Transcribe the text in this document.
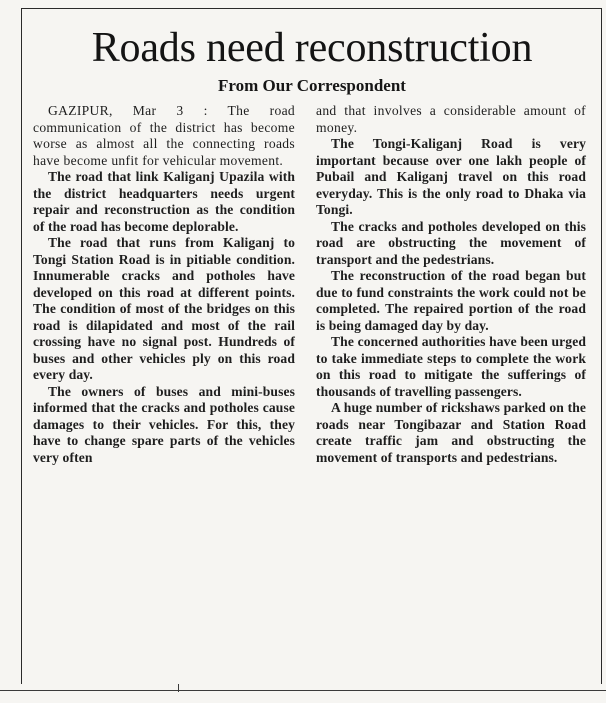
Roads need reconstruction
From Our Correspondent

GAZIPUR, Mar 3 : The road communication of the district has become worse as almost all the connecting roads have become unfit for vehicular movement.

The road that link Kaliganj Upazila with the district headquarters needs urgent repair and reconstruction as the condition of the road has become deplorable.

The road that runs from Kaliganj to Tongi Station Road is in pitiable condition. Innumerable cracks and potholes have developed on this road at different points. The condition of most of the bridges on this road is dilapidated and most of the rail crossing have no signal post. Hundreds of buses and other vehicles ply on this road every day.

The owners of buses and mini-buses informed that the cracks and potholes cause damages to their vehicles. For this, they have to change spare parts of the vehicles very often

and that involves a considerable amount of money.

The Tongi-Kaliganj Road is very important because over one lakh people of Pubail and Kaliganj travel on this road everyday. This is the only road to Dhaka via Tongi.

The cracks and potholes developed on this road are obstructing the movement of transport and the pedestrians.

The reconstruction of the road began but due to fund constraints the work could not be completed. The repaired portion of the road is being damaged day by day.

The concerned authorities have been urged to take immediate steps to complete the work on this road to mitigate the sufferings of thousands of travelling passengers.

A huge number of rickshaws parked on the roads near Tongibazar and Station Road create traffic jam and obstructing the movement of transports and pedestrians.
